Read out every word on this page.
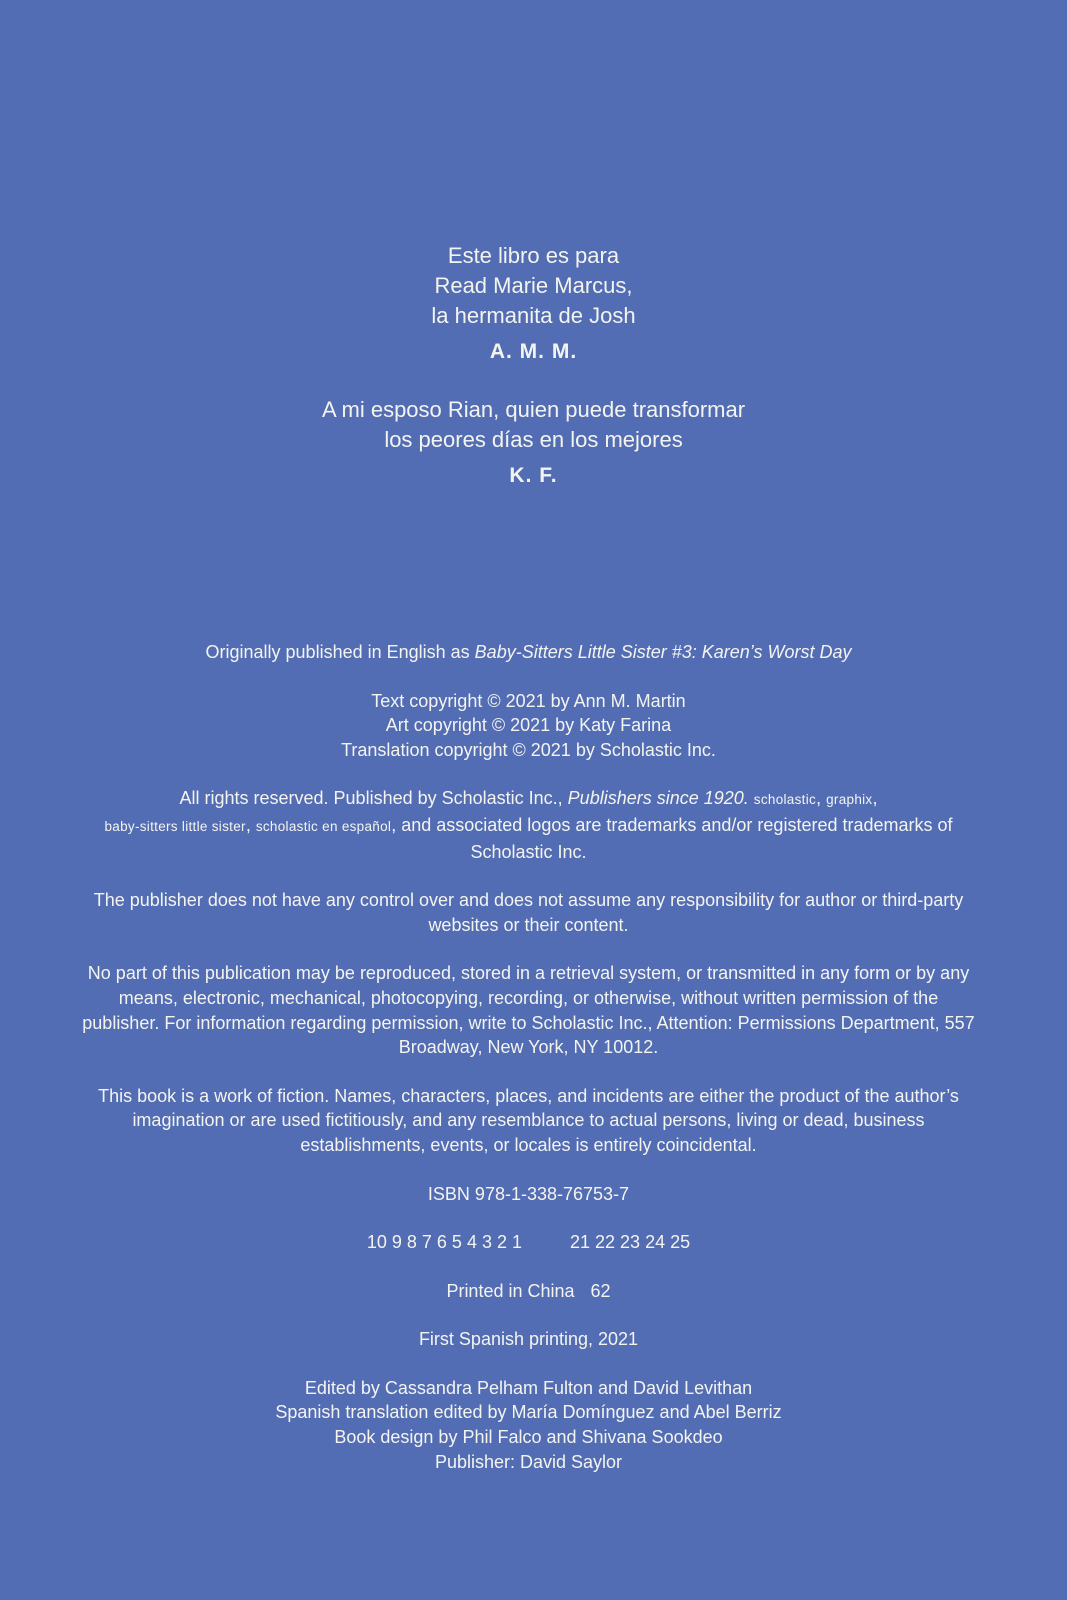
Este libro es para

Read Marie Marcus,

la hermanita de Josh

A. M. M.

A mi esposo Rian, quien puede transformar

los peores días en los mejores

K. F.

Originally published in English as Baby-Sitters Little Sister #3: Karen’s Worst Day

Text copyright © 2021 by Ann M. Martin

Art copyright © 2021 by Katy Farina

Translation copyright © 2021 by Scholastic Inc.

All rights reserved. Published by Scholastic Inc., Publishers since 1920. scholastic, graphix,
baby-sitters little sister, scholastic en español, and associated logos are trademarks and/or registered trademarks of Scholastic Inc.

The publisher does not have any control over and does not assume any responsibility for author or third-party websites or their content.

No part of this publication may be reproduced, stored in a retrieval system, or transmitted in any form or by any means, electronic, mechanical, photocopying, recording, or otherwise, without written permission of the publisher. For information regarding permission, write to Scholastic Inc., Attention: Permissions Department, 557 Broadway, New York, NY 10012.

This book is a work of fiction. Names, characters, places, and incidents are either the product of the author’s imagination or are used fictitiously, and any resemblance to actual persons, living or dead, business establishments, events, or locales is entirely coincidental.

ISBN 978-1-338-76753-7

10 9 8 7 6 5 4 3 2 1	21 22 23 24 25

Printed in China 62

First Spanish printing, 2021

Edited by Cassandra Pelham Fulton and David Levithan

Spanish translation edited by María Domínguez and Abel Berriz

Book design by Phil Falco and Shivana Sookdeo

Publisher: David Saylor
